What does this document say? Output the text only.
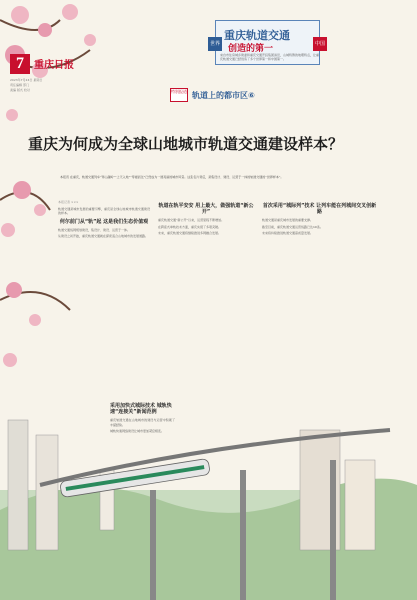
7	重庆日报
2023年7月24日 星期日
责任编辑 部门
美编 版式 校对
重庆轨道交通
创造的第一
世界	中国
来自市住房城乡建委和重庆交通开投集团消息，山城特殊的地理特点，让重庆轨道交通已经创造了多个世界第一和中国第一。
特别报道 轨道上的都市区⑥
重庆为何成为全球山地城市轨道交通建设样本？
本报讯 在重庆，轨道交通列车“穿山越岭”“上天入地”“穿楼而过”已然成为一道亮丽的城市风景。这张名片背后，是集设计、建设、运营于一体的轨道交通的“世界样本”。
本报记者 ×××

轨道交通是城市发展的重要引擎，重庆是全球山地城市轨道交通建设的样本。

何尔前门从“轨”起 这是我们生态价值观

轨道交通线网规划建设，集设计、建设、运营于一体。

从建设之初开始，重庆轨道交通就在探索适合山地城市的发展道路。

轨道在轨平安安 用上最大，做强轨道“新公开”

重庆轨道交通“新公开”以来，运营里程不断增加。

在跨座式单轨技术方面，重庆实现了多项突破。

未来，重庆轨道交通将继续推进多网融合发展。

首次采用“城际列”技术 让列车能在列城间交叉创新路

轨道交通是重庆城市发展的重要支撑。

截至目前，重庆轨道交通运营线路已达10条。

未来将持续推进轨道交通高质量发展。

采用加快式城际技术 城轨快速“连接关”新闻范例

重庆轨道交通在山地城市的建设与运营中积累了丰富经验。

城轨快速网络建设让城市更加紧密相连。
